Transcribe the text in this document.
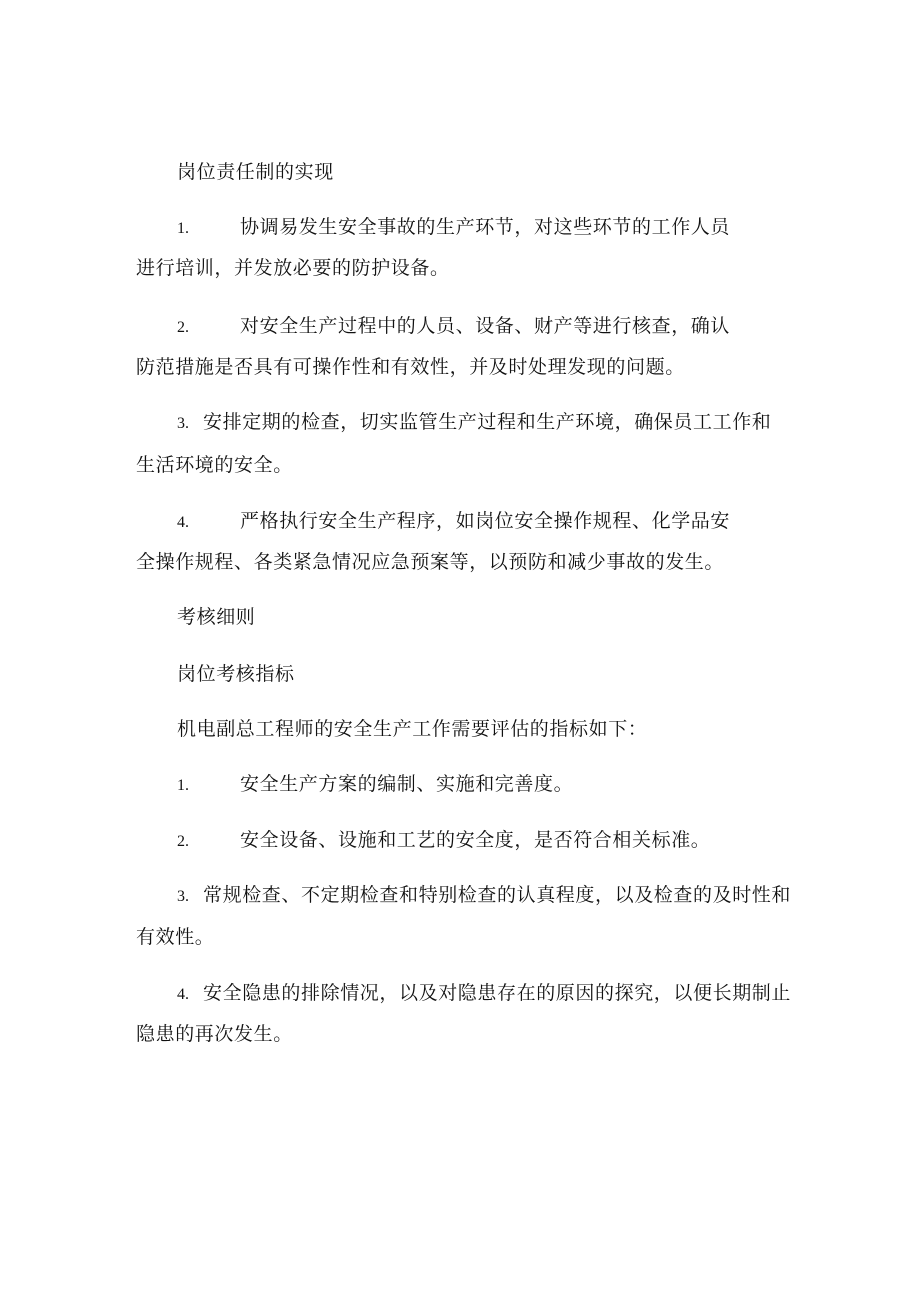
岗位责任制的实现
1.	协调易发生安全事故的生产环节，对这些环节的工作人员
进行培训，并发放必要的防护设备。
2.	对安全生产过程中的人员、设备、财产等进行核查，确认
防范措施是否具有可操作性和有效性，并及时处理发现的问题。
3. 安排定期的检查，切实监管生产过程和生产环境，确保员工工作和
生活环境的安全。
4.	严格执行安全生产程序，如岗位安全操作规程、化学品安
全操作规程、各类紧急情况应急预案等，以预防和减少事故的发生。
考核细则
岗位考核指标
机电副总工程师的安全生产工作需要评估的指标如下：
1.	安全生产方案的编制、实施和完善度。
2.	安全设备、设施和工艺的安全度，是否符合相关标准。
3. 常规检查、不定期检查和特别检查的认真程度，以及检查的及时性和
有效性。
4. 安全隐患的排除情况，以及对隐患存在的原因的探究，以便长期制止
隐患的再次发生。
